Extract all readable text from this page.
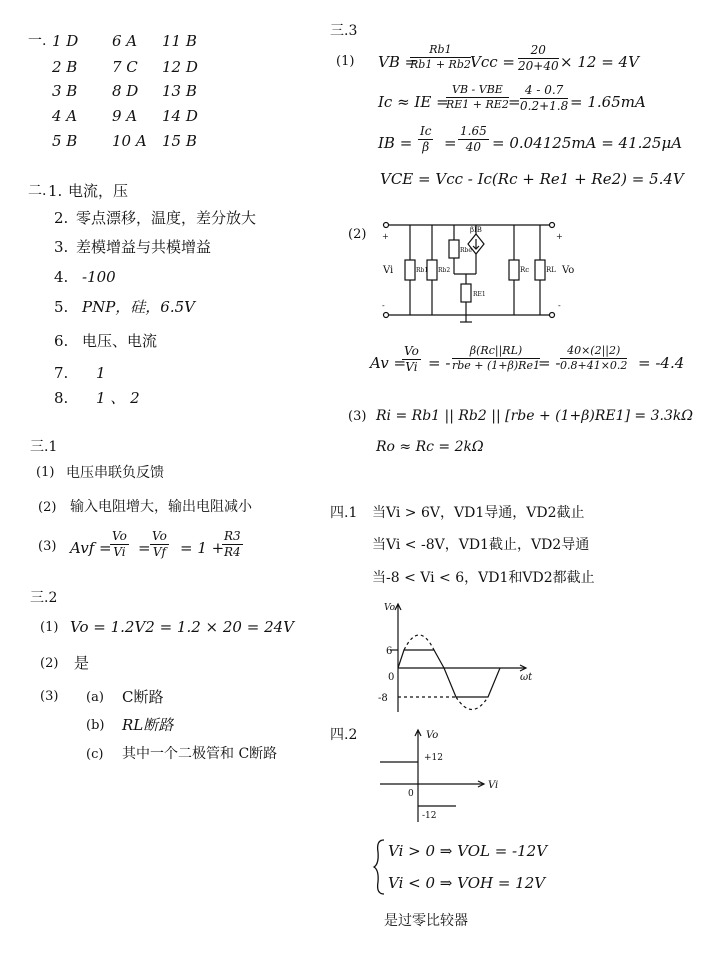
一. 1 D 6 A 11 B
2 B 7 C 12 D
3 B 8 D 13 B
4 A 9 A 14 D
5 B 10 A 15 B
二. 1. 电流，压
2. 零点漂移，温度，差分放大
3. 差模增益与共模增益
4. -100
5. PNP，硅，6.5V
6. 电压、电流
7. 1
8. 1 、 2
三.1
(1) 电压串联负反馈
(2) 输入电阻增大，输出电阻减小
(3) Avf =
$\frac{Vo}{Vi} = \frac{Vo}{Vf} = 1$ +
$\frac{R3}{R4}$
三.2
(1) Vo = 1.2V2 = 1.2 × 20 = 24V
(2) 是
(3) (a) C断路
(b) RL断路
(c) 其中一个二极管和 C断路
三.3
(1) VB =
$\frac{Rb1}{Rb1 + Rb2}$ Vcc = $\frac{20}{20+40} \times 12 = 4V$
Ic ≈ IE =
VB - VBE
$RE1 + RE2 = \frac{4 - 0.7}{0.2+1.8} = 1.65mA$
IB = $\frac{Ic}{\beta} = \frac{1.65}{40} = 0.04125mA = 41.25\mu A$
VCE = Vcc - Ic(Rc + Re1 + Re2) = 5.4V
(2) +	+
-	-
Vi	Vo
Rb1 Rb2
Rbe
βIB
RE1
Rc RL
Av =
$\frac{Vo}{Vi}$ = -
β(Rc||RL)
rbe + (1+β)Re1
= - $\frac{40\times(2||2)}{0.8+41\times 0.2} = -4.4$
(3) Ri = Rb1 || Rb2 || [rbe + (1+β)RE1] = 3.3kΩ
Ro ≈ Rc = 2kΩ
四.1 当Vi > 6V，VD1导通，VD2截止
当Vi < -8V，VD1截止，VD2导通
当-8 < Vi < 6，VD1和VD2都截止
Vo
ωt
6
0
-8
四.2	Vo
Vi
+12
0
-12
Vi > 0 ⇒ VOL = -12V
Vi < 0 ⇒ VOH = 12V
是过零比较器
